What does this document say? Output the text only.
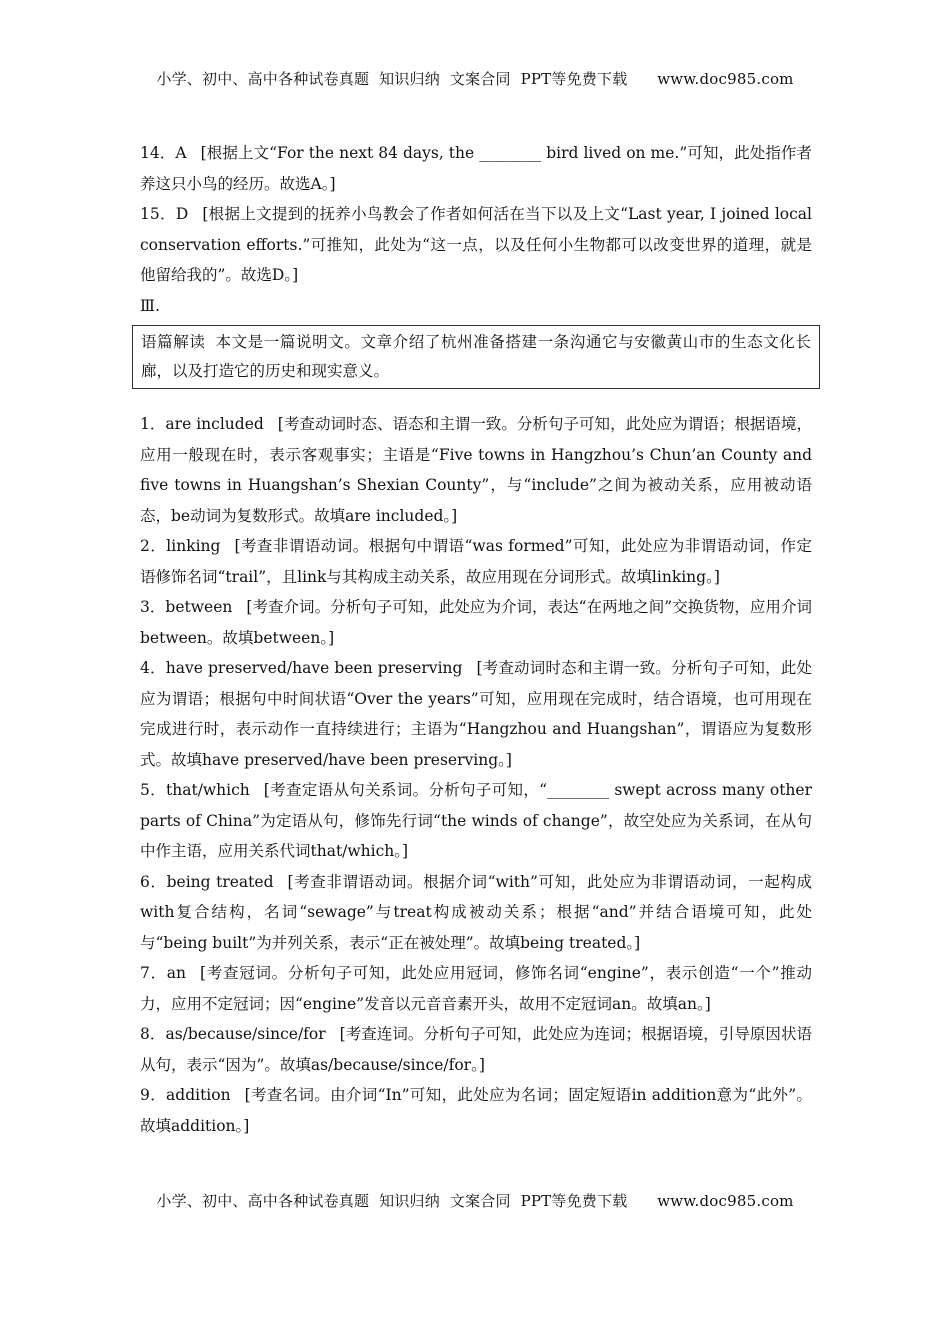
小学、初中、高中各种试卷真题  知识归纳  文案合同  PPT等免费下载      www.doc985.com

14．A [根据上文“For the next 84 days, the ________ bird lived on me.”可知，此处指作者养这只小鸟的经历。故选A。]

15．D [根据上文提到的抚养小鸟教会了作者如何活在当下以及上文“Last year, I joined local conservation efforts.”可推知，此处为“这一点，以及任何小生物都可以改变世界的道理，就是他留给我的”。故选D。]

Ⅲ.

语篇解读 本文是一篇说明文。文章介绍了杭州准备搭建一条沟通它与安徽黄山市的生态文化长廊，以及打造它的历史和现实意义。

1．are included [考查动词时态、语态和主谓一致。分析句子可知，此处应为谓语；根据语境，应用一般现在时，表示客观事实；主语是“Five towns in Hangzhou’s Chun’an County and five towns in Huangshan’s Shexian County”，与“include”之间为被动关系，应用被动语态，be动词为复数形式。故填are included。]

2．linking [考查非谓语动词。根据句中谓语“was formed”可知，此处应为非谓语动词，作定语修饰名词“trail”，且link与其构成主动关系，故应用现在分词形式。故填linking。]

3．between [考查介词。分析句子可知，此处应为介词，表达“在两地之间”交换货物，应用介词between。故填between。]

4．have preserved/have been preserving [考查动词时态和主谓一致。分析句子可知，此处应为谓语；根据句中时间状语“Over the years”可知，应用现在完成时，结合语境，也可用现在完成进行时，表示动作一直持续进行；主语为“Hangzhou and Huangshan”，谓语应为复数形式。故填have preserved/have been preserving。]

5．that/which [考查定语从句关系词。分析句子可知，“________ swept across many other parts of China”为定语从句，修饰先行词“the winds of change”，故空处应为关系词，在从句中作主语，应用关系代词that/which。]

6．being treated [考查非谓语动词。根据介词“with”可知，此处应为非谓语动词，一起构成with复合结构，名词“sewage”与treat构成被动关系；根据“and”并结合语境可知，此处与“being built”为并列关系，表示“正在被处理”。故填being treated。]

7．an [考查冠词。分析句子可知，此处应用冠词，修饰名词“engine”，表示创造“一个”推动力，应用不定冠词；因“engine”发音以元音音素开头，故用不定冠词an。故填an。]

8．as/because/since/for [考查连词。分析句子可知，此处应为连词；根据语境，引导原因状语从句，表示“因为”。故填as/because/since/for。]

9．addition [考查名词。由介词“In”可知，此处应为名词；固定短语in addition意为“此外”。故填addition。]

小学、初中、高中各种试卷真题  知识归纳  文案合同  PPT等免费下载      www.doc985.com
